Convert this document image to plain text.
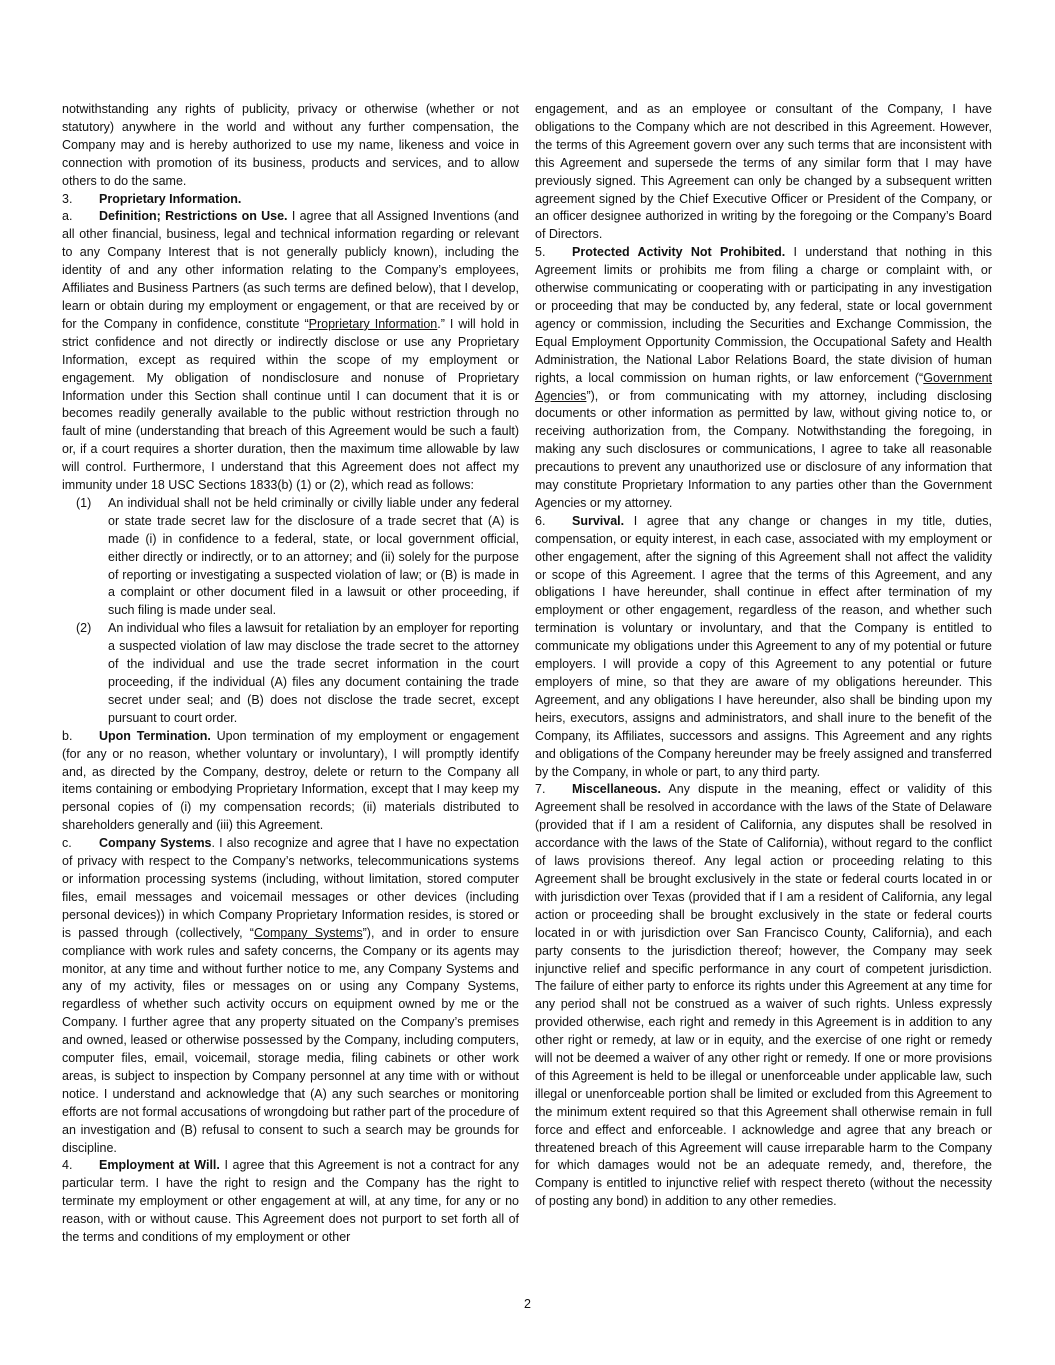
notwithstanding any rights of publicity, privacy or otherwise (whether or not statutory) anywhere in the world and without any further compensation, the Company may and is hereby authorized to use my name, likeness and voice in connection with promotion of its business, products and services, and to allow others to do the same.

3. Proprietary Information.

a. Definition; Restrictions on Use. I agree that all Assigned Inventions (and all other financial, business, legal and technical information regarding or relevant to any Company Interest that is not generally publicly known), including the identity of and any other information relating to the Company’s employees, Affiliates and Business Partners (as such terms are defined below), that I develop, learn or obtain during my employment or engagement, or that are received by or for the Company in confidence, constitute “Proprietary Information.” I will hold in strict confidence and not directly or indirectly disclose or use any Proprietary Information, except as required within the scope of my employment or engagement. My obligation of nondisclosure and nonuse of Proprietary Information under this Section shall continue until I can document that it is or becomes readily generally available to the public without restriction through no fault of mine (understanding that breach of this Agreement would be such a fault) or, if a court requires a shorter duration, then the maximum time allowable by law will control. Furthermore, I understand that this Agreement does not affect my immunity under 18 USC Sections 1833(b) (1) or (2), which read as follows:

(1) An individual shall not be held criminally or civilly liable under any federal or state trade secret law for the disclosure of a trade secret that (A) is made (i) in confidence to a federal, state, or local government official, either directly or indirectly, or to an attorney; and (ii) solely for the purpose of reporting or investigating a suspected violation of law; or (B) is made in a complaint or other document filed in a lawsuit or other proceeding, if such filing is made under seal.
(2) An individual who files a lawsuit for retaliation by an employer for reporting a suspected violation of law may disclose the trade secret to the attorney of the individual and use the trade secret information in the court proceeding, if the individual (A) files any document containing the trade secret under seal; and (B) does not disclose the trade secret, except pursuant to court order.

b. Upon Termination. Upon termination of my employment or engagement (for any or no reason, whether voluntary or involuntary), I will promptly identify and, as directed by the Company, destroy, delete or return to the Company all items containing or embodying Proprietary Information, except that I may keep my personal copies of (i) my compensation records; (ii) materials distributed to shareholders generally and (iii) this Agreement.

c. Company Systems. I also recognize and agree that I have no expectation of privacy with respect to the Company’s networks, telecommunications systems or information processing systems (including, without limitation, stored computer files, email messages and voicemail messages or other devices (including personal devices)) in which Company Proprietary Information resides, is stored or is passed through (collectively, “Company Systems”), and in order to ensure compliance with work rules and safety concerns, the Company or its agents may monitor, at any time and without further notice to me, any Company Systems and any of my activity, files or messages on or using any Company Systems, regardless of whether such activity occurs on equipment owned by me or the Company. I further agree that any property situated on the Company’s premises and owned, leased or otherwise possessed by the Company, including computers, computer files, email, voicemail, storage media, filing cabinets or other work areas, is subject to inspection by Company personnel at any time with or without notice. I understand and acknowledge that (A) any such searches or monitoring efforts are not formal accusations of wrongdoing but rather part of the procedure of an investigation and (B) refusal to consent to such a search may be grounds for discipline.

4. Employment at Will. I agree that this Agreement is not a contract for any particular term. I have the right to resign and the Company has the right to terminate my employment or other engagement at will, at any time, for any or no reason, with or without cause. This Agreement does not purport to set forth all of the terms and conditions of my employment or other

engagement, and as an employee or consultant of the Company, I have obligations to the Company which are not described in this Agreement. However, the terms of this Agreement govern over any such terms that are inconsistent with this Agreement and supersede the terms of any similar form that I may have previously signed. This Agreement can only be changed by a subsequent written agreement signed by the Chief Executive Officer or President of the Company, or an officer designee authorized in writing by the foregoing or the Company’s Board of Directors.

5. Protected Activity Not Prohibited. I understand that nothing in this Agreement limits or prohibits me from filing a charge or complaint with, or otherwise communicating or cooperating with or participating in any investigation or proceeding that may be conducted by, any federal, state or local government agency or commission, including the Securities and Exchange Commission, the Equal Employment Opportunity Commission, the Occupational Safety and Health Administration, the National Labor Relations Board, the state division of human rights, a local commission on human rights, or law enforcement (“Government Agencies”), or from communicating with my attorney, including disclosing documents or other information as permitted by law, without giving notice to, or receiving authorization from, the Company. Notwithstanding the foregoing, in making any such disclosures or communications, I agree to take all reasonable precautions to prevent any unauthorized use or disclosure of any information that may constitute Proprietary Information to any parties other than the Government Agencies or my attorney.

6. Survival. I agree that any change or changes in my title, duties, compensation, or equity interest, in each case, associated with my employment or other engagement, after the signing of this Agreement shall not affect the validity or scope of this Agreement. I agree that the terms of this Agreement, and any obligations I have hereunder, shall continue in effect after termination of my employment or other engagement, regardless of the reason, and whether such termination is voluntary or involuntary, and that the Company is entitled to communicate my obligations under this Agreement to any of my potential or future employers. I will provide a copy of this Agreement to any potential or future employers of mine, so that they are aware of my obligations hereunder. This Agreement, and any obligations I have hereunder, also shall be binding upon my heirs, executors, assigns and administrators, and shall inure to the benefit of the Company, its Affiliates, successors and assigns. This Agreement and any rights and obligations of the Company hereunder may be freely assigned and transferred by the Company, in whole or part, to any third party.

7. Miscellaneous. Any dispute in the meaning, effect or validity of this Agreement shall be resolved in accordance with the laws of the State of Delaware (provided that if I am a resident of California, any disputes shall be resolved in accordance with the laws of the State of California), without regard to the conflict of laws provisions thereof. Any legal action or proceeding relating to this Agreement shall be brought exclusively in the state or federal courts located in or with jurisdiction over Texas (provided that if I am a resident of California, any legal action or proceeding shall be brought exclusively in the state or federal courts located in or with jurisdiction over San Francisco County, California), and each party consents to the jurisdiction thereof; however, the Company may seek injunctive relief and specific performance in any court of competent jurisdiction. The failure of either party to enforce its rights under this Agreement at any time for any period shall not be construed as a waiver of such rights. Unless expressly provided otherwise, each right and remedy in this Agreement is in addition to any other right or remedy, at law or in equity, and the exercise of one right or remedy will not be deemed a waiver of any other right or remedy. If one or more provisions of this Agreement is held to be illegal or unenforceable under applicable law, such illegal or unenforceable portion shall be limited or excluded from this Agreement to the minimum extent required so that this Agreement shall otherwise remain in full force and effect and enforceable. I acknowledge and agree that any breach or threatened breach of this Agreement will cause irreparable harm to the Company for which damages would not be an adequate remedy, and, therefore, the Company is entitled to injunctive relief with respect thereto (without the necessity of posting any bond) in addition to any other remedies.

2
